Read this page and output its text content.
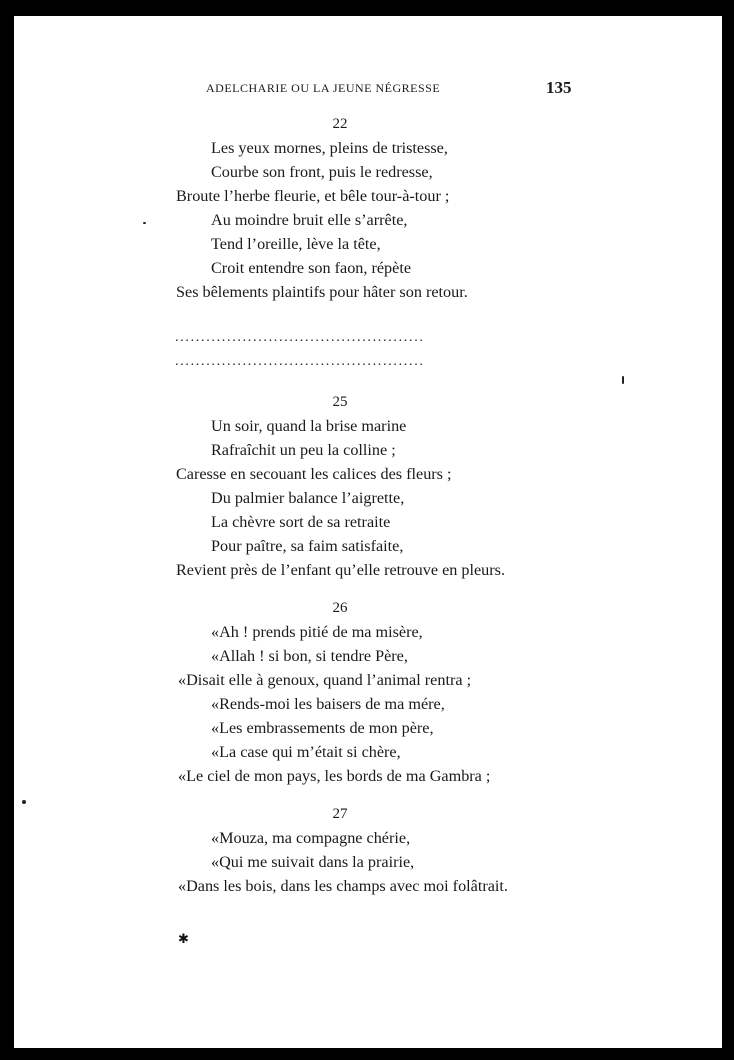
ADELCHARIE OU LA JEUNE NÉGRESSE	135
22
Les yeux mornes, pleins de tristesse,
Courbe son front, puis le redresse,
Broute l’herbe fleurie, et bêle tour-à-tour ;
Au moindre bruit elle s’arrête,
Tend l’oreille, lève la tête,
Croit entendre son faon, répète
Ses bêlements plaintifs pour hâter son retour.
................................................
................................................
25
Un soir, quand la brise marine
Rafraîchit un peu la colline ;
Caresse en secouant les calices des fleurs ;
Du palmier balance l’aigrette,
La chèvre sort de sa retraite
Pour paître, sa faim satisfaite,
Revient près de l’enfant qu’elle retrouve en pleurs.
26
«Ah ! prends pitié de ma misère,
«Allah ! si bon, si tendre Père,
«Disait elle à genoux, quand l’animal rentra ;
«Rends-moi les baisers de ma mére,
«Les embrassements de mon père,
«La case qui m’était si chère,
«Le ciel de mon pays, les bords de ma Gambra ;
27
«Mouza, ma compagne chérie,
«Qui me suivait dans la prairie,
«Dans les bois, dans les champs avec moi folâtrait.
✱
